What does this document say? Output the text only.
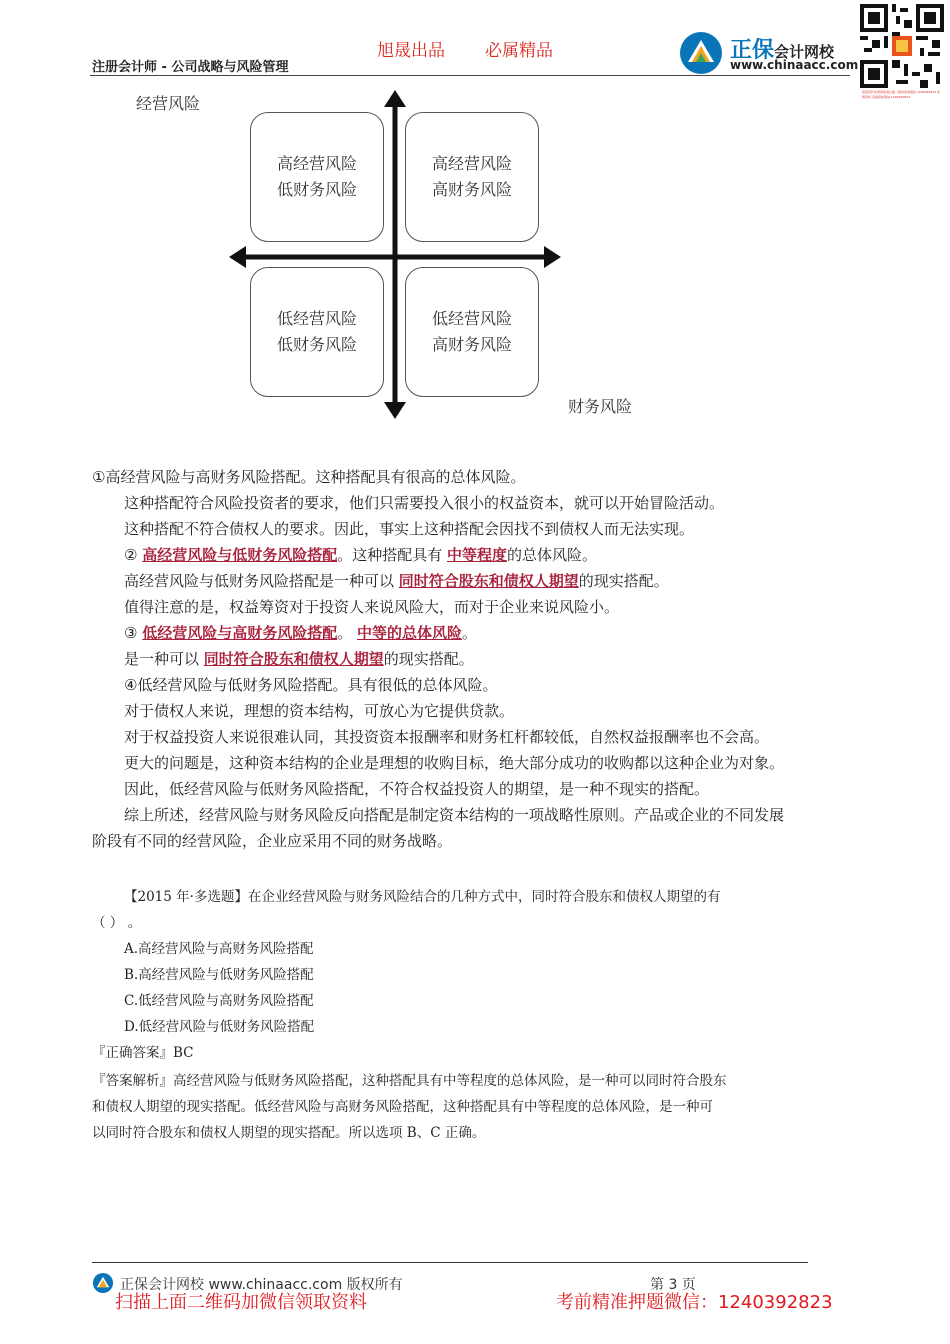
旭晟出品 必属精品
注册会计师 - 公司战略与风险管理
正保会计网校
www.chinaacc.com
超值资料免费领取请扫描二维码添加微信 1240392823 免费资料 答疑请加微信 1240392823
经营风险
财务风险
高经营风险
低财务风险
高经营风险
高财务风险
低经营风险
低财务风险
低经营风险
高财务风险
①高经营风险与高财务风险搭配。这种搭配具有很高的总体风险。
这种搭配符合风险投资者的要求，他们只需要投入很小的权益资本，就可以开始冒险活动。
这种搭配不符合债权人的要求。因此，事实上这种搭配会因找不到债权人而无法实现。
② 高经营风险与低财务风险搭配。这种搭配具有 中等程度的总体风险。
高经营风险与低财务风险搭配是一种可以 同时符合股东和债权人期望的现实搭配。
值得注意的是，权益筹资对于投资人来说风险大，而对于企业来说风险小。
③ 低经营风险与高财务风险搭配。 中等的总体风险。
是一种可以 同时符合股东和债权人期望的现实搭配。
④低经营风险与低财务风险搭配。具有很低的总体风险。
对于债权人来说，理想的资本结构，可放心为它提供贷款。
对于权益投资人来说很难认同，其投资资本报酬率和财务杠杆都较低，自然权益报酬率也不会高。
更大的问题是，这种资本结构的企业是理想的收购目标，绝大部分成功的收购都以这种企业为对象。
因此，低经营风险与低财务风险搭配，不符合权益投资人的期望，是一种不现实的搭配。
综上所述，经营风险与财务风险反向搭配是制定资本结构的一项战略性原则。产品或企业的不同发展
阶段有不同的经营风险，企业应采用不同的财务战略。
【2015 年·多选题】在企业经营风险与财务风险结合的几种方式中，同时符合股东和债权人期望的有
（ ） 。
A.高经营风险与高财务风险搭配
B.高经营风险与低财务风险搭配
C.低经营风险与高财务风险搭配
D.低经营风险与低财务风险搭配
『正确答案』BC
『答案解析』高经营风险与低财务风险搭配，这种搭配具有中等程度的总体风险，是一种可以同时符合股东
和债权人期望的现实搭配。低经营风险与高财务风险搭配，这种搭配具有中等程度的总体风险，是一种可
以同时符合股东和债权人期望的现实搭配。所以选项 B、C 正确。
正保会计网校 www.chinaacc.com 版权所有	第 3 页
扫描上面二维码加微信领取资料	考前精准押题微信：1240392823
